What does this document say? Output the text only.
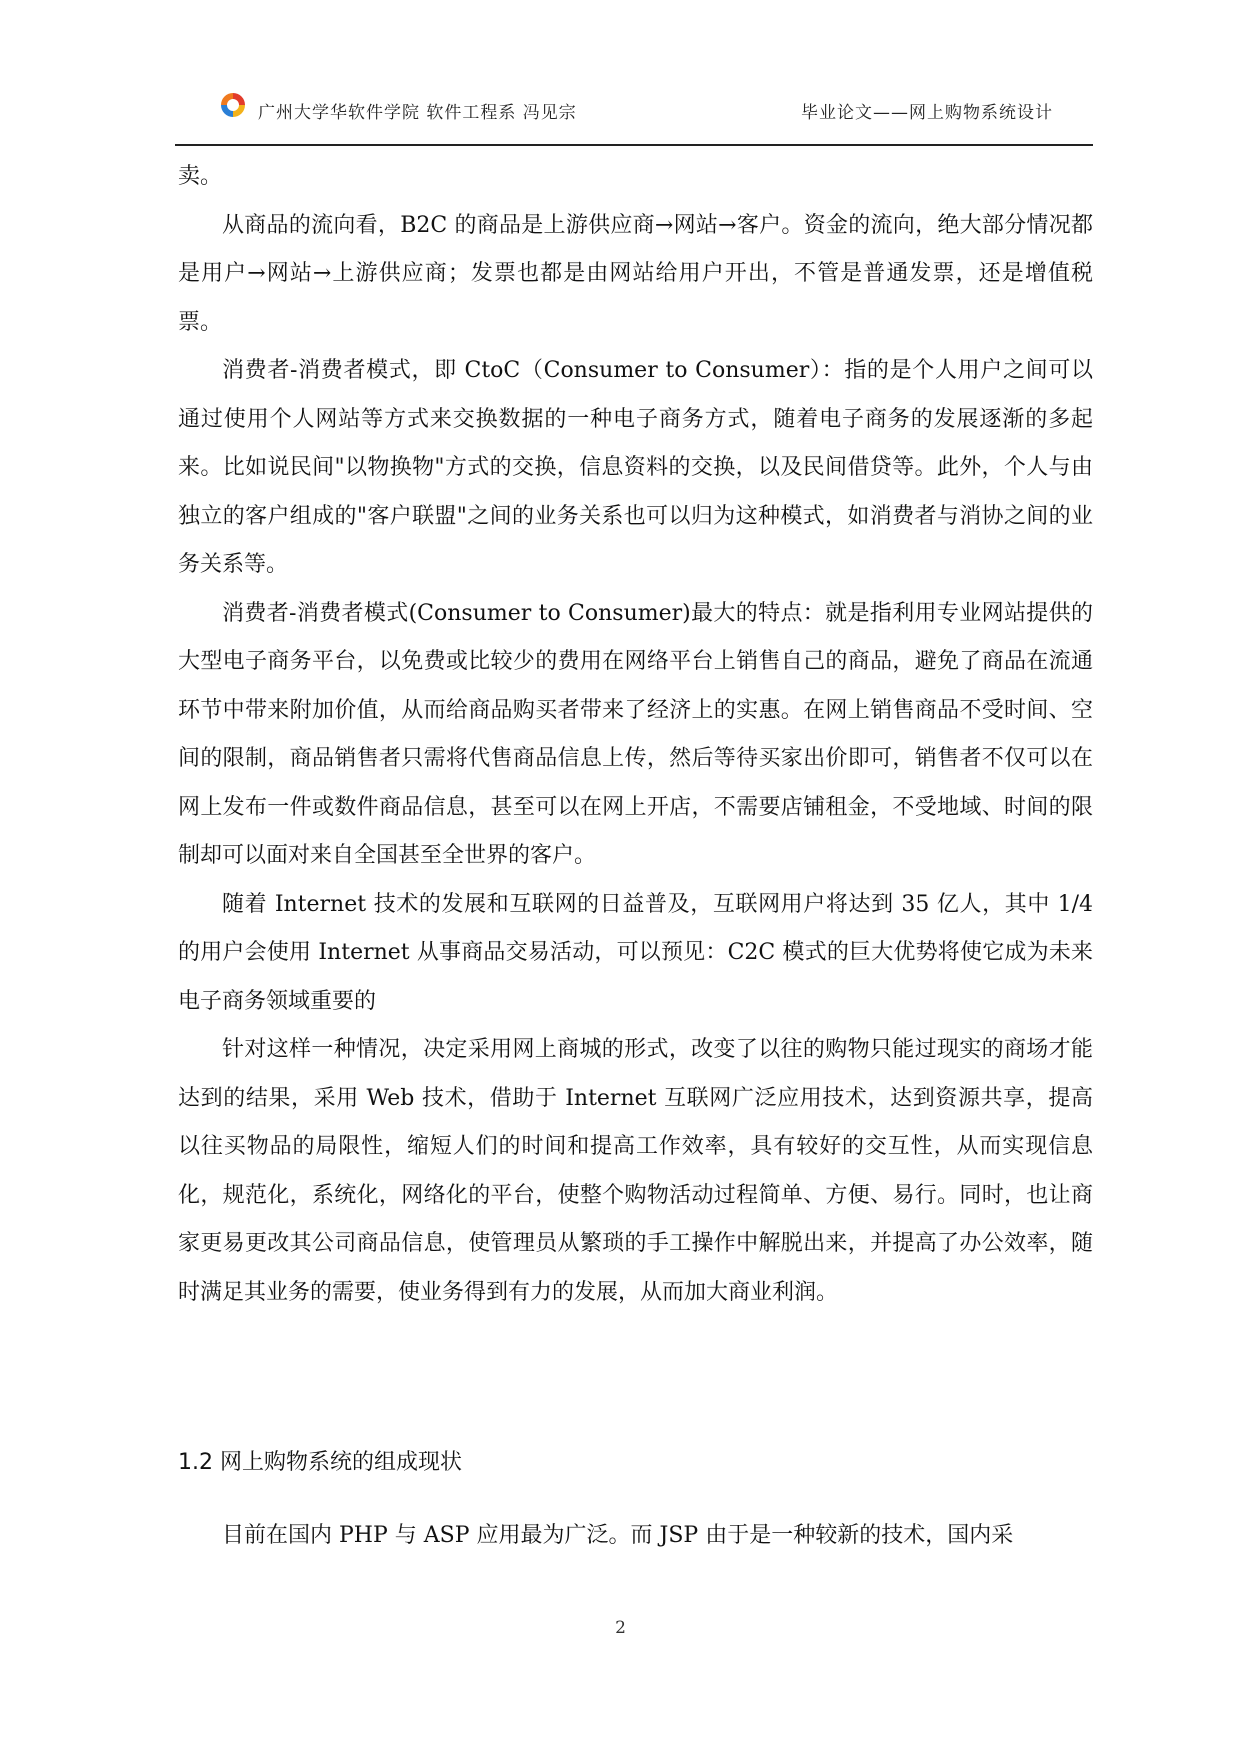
广州大学华软件学院 软件工程系 冯见宗	毕业论文——网上购物系统设计

卖。

从商品的流向看，B2C 的商品是上游供应商→网站→客户。资金的流向，绝大部分情况都是用户→网站→上游供应商；发票也都是由网站给用户开出，不管是普通发票，还是增值税票。

消费者-消费者模式，即 CtoC（Consumer to Consumer）：指的是个人用户之间可以通过使用个人网站等方式来交换数据的一种电子商务方式，随着电子商务的发展逐渐的多起来。比如说民间"以物换物"方式的交换，信息资料的交换，以及民间借贷等。此外，个人与由独立的客户组成的"客户联盟"之间的业务关系也可以归为这种模式，如消费者与消协之间的业务关系等。

消费者-消费者模式(Consumer to Consumer)最大的特点：就是指利用专业网站提供的大型电子商务平台，以免费或比较少的费用在网络平台上销售自己的商品，避免了商品在流通环节中带来附加价值，从而给商品购买者带来了经济上的实惠。在网上销售商品不受时间、空间的限制，商品销售者只需将代售商品信息上传，然后等待买家出价即可，销售者不仅可以在网上发布一件或数件商品信息，甚至可以在网上开店，不需要店铺租金，不受地域、时间的限制却可以面对来自全国甚至全世界的客户。

随着 Internet 技术的发展和互联网的日益普及，互联网用户将达到 35 亿人，其中 1/4 的用户会使用 Internet 从事商品交易活动，可以预见：C2C 模式的巨大优势将使它成为未来电子商务领域重要的

针对这样一种情况，决定采用网上商城的形式，改变了以往的购物只能过现实的商场才能达到的结果，采用 Web 技术，借助于 Internet 互联网广泛应用技术，达到资源共享，提高以往买物品的局限性，缩短人们的时间和提高工作效率，具有较好的交互性，从而实现信息化，规范化，系统化，网络化的平台，使整个购物活动过程简单、方便、易行。同时，也让商家更易更改其公司商品信息，使管理员从繁琐的手工操作中解脱出来，并提高了办公效率，随时满足其业务的需要，使业务得到有力的发展，从而加大商业利润。

1.2 网上购物系统的组成现状

目前在国内 PHP 与 ASP 应用最为广泛。而 JSP 由于是一种较新的技术，国内采

2
